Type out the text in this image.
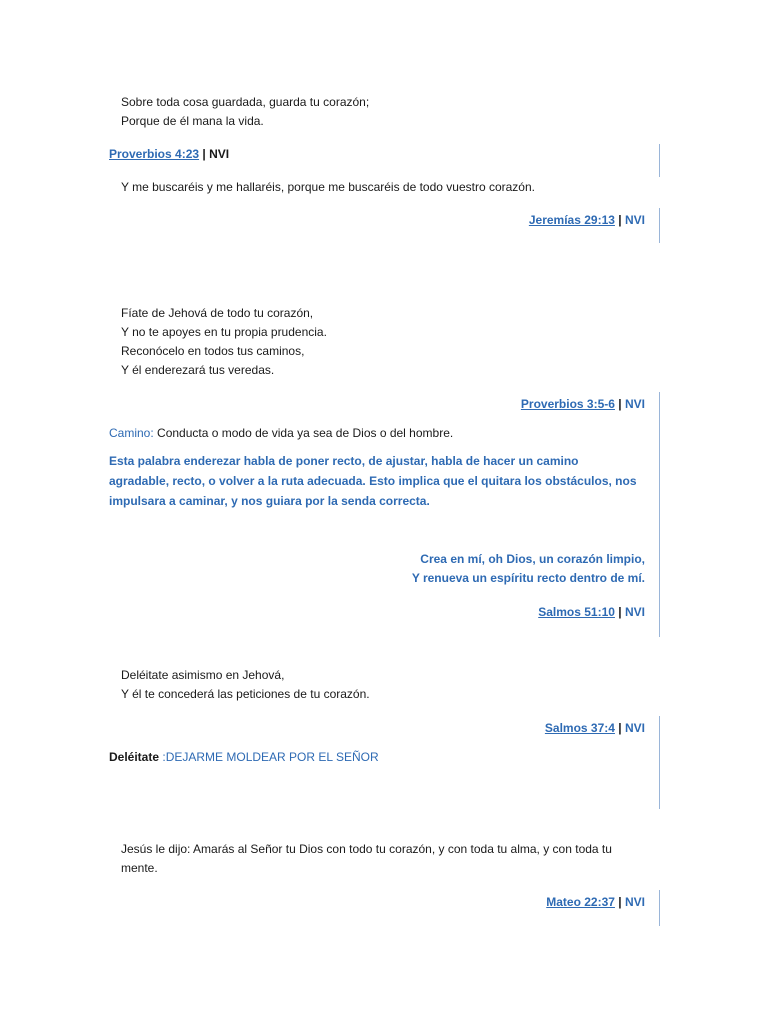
Sobre toda cosa guardada, guarda tu corazón;
Porque de él mana la vida.
Proverbios 4:23 | NVI
Y me buscaréis y me hallaréis, porque me buscaréis de todo vuestro corazón.
Jeremías 29:13 | NVI
Fíate de Jehová de todo tu corazón,
Y no te apoyes en tu propia prudencia.
Reconócelo en todos tus caminos,
Y él enderezará tus veredas.
Proverbios 3:5-6 | NVI
Camino: Conducta o modo de vida ya sea de Dios o del hombre.
Esta palabra enderezar habla de poner recto, de ajustar, habla de hacer un camino
agradable, recto, o volver a la ruta adecuada. Esto implica que el quitara los obstáculos, nos
impulsara a caminar, y nos guiara por la senda correcta.
Crea en mí, oh Dios, un corazón limpio,
Y renueva un espíritu recto dentro de mí.
Salmos 51:10 | NVI
Deléitate asimismo en Jehová,
Y él te concederá las peticiones de tu corazón.
Salmos 37:4 | NVI
Deléitate :DEJARME MOLDEAR POR EL SEÑOR
Jesús le dijo: Amarás al Señor tu Dios con todo tu corazón, y con toda tu alma, y con toda tu
mente.
Mateo 22:37 | NVI
